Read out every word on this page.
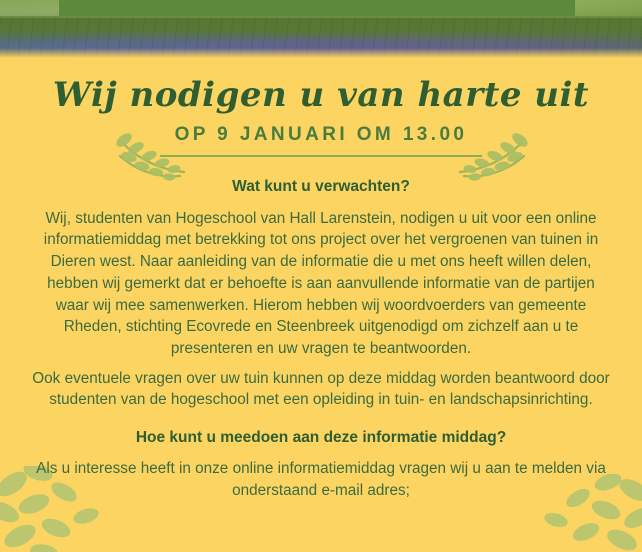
Wij nodigen u van harte uit
OP 9 JANUARI OM 13.00
Wat kunt u verwachten?
Wij, studenten van Hogeschool van Hall Larenstein, nodigen u uit voor een online informatiemiddag met betrekking tot ons project over het vergroenen van tuinen in Dieren west. Naar aanleiding van de informatie die u met ons heeft willen delen, hebben wij gemerkt dat er behoefte is aan aanvullende informatie van de partijen waar wij mee samenwerken. Hierom hebben wij woordvoerders van gemeente Rheden, stichting Ecovrede en Steenbreek uitgenodigd om zichzelf aan u te presenteren en uw vragen te beantwoorden.
Ook eventuele vragen over uw tuin kunnen op deze middag worden beantwoord door studenten van de hogeschool met een opleiding in tuin- en landschapsinrichting.
Hoe kunt u meedoen aan deze informatie middag?
Als u interesse heeft in onze online informatiemiddag vragen wij u aan te melden via onderstaand e-mail adres;
